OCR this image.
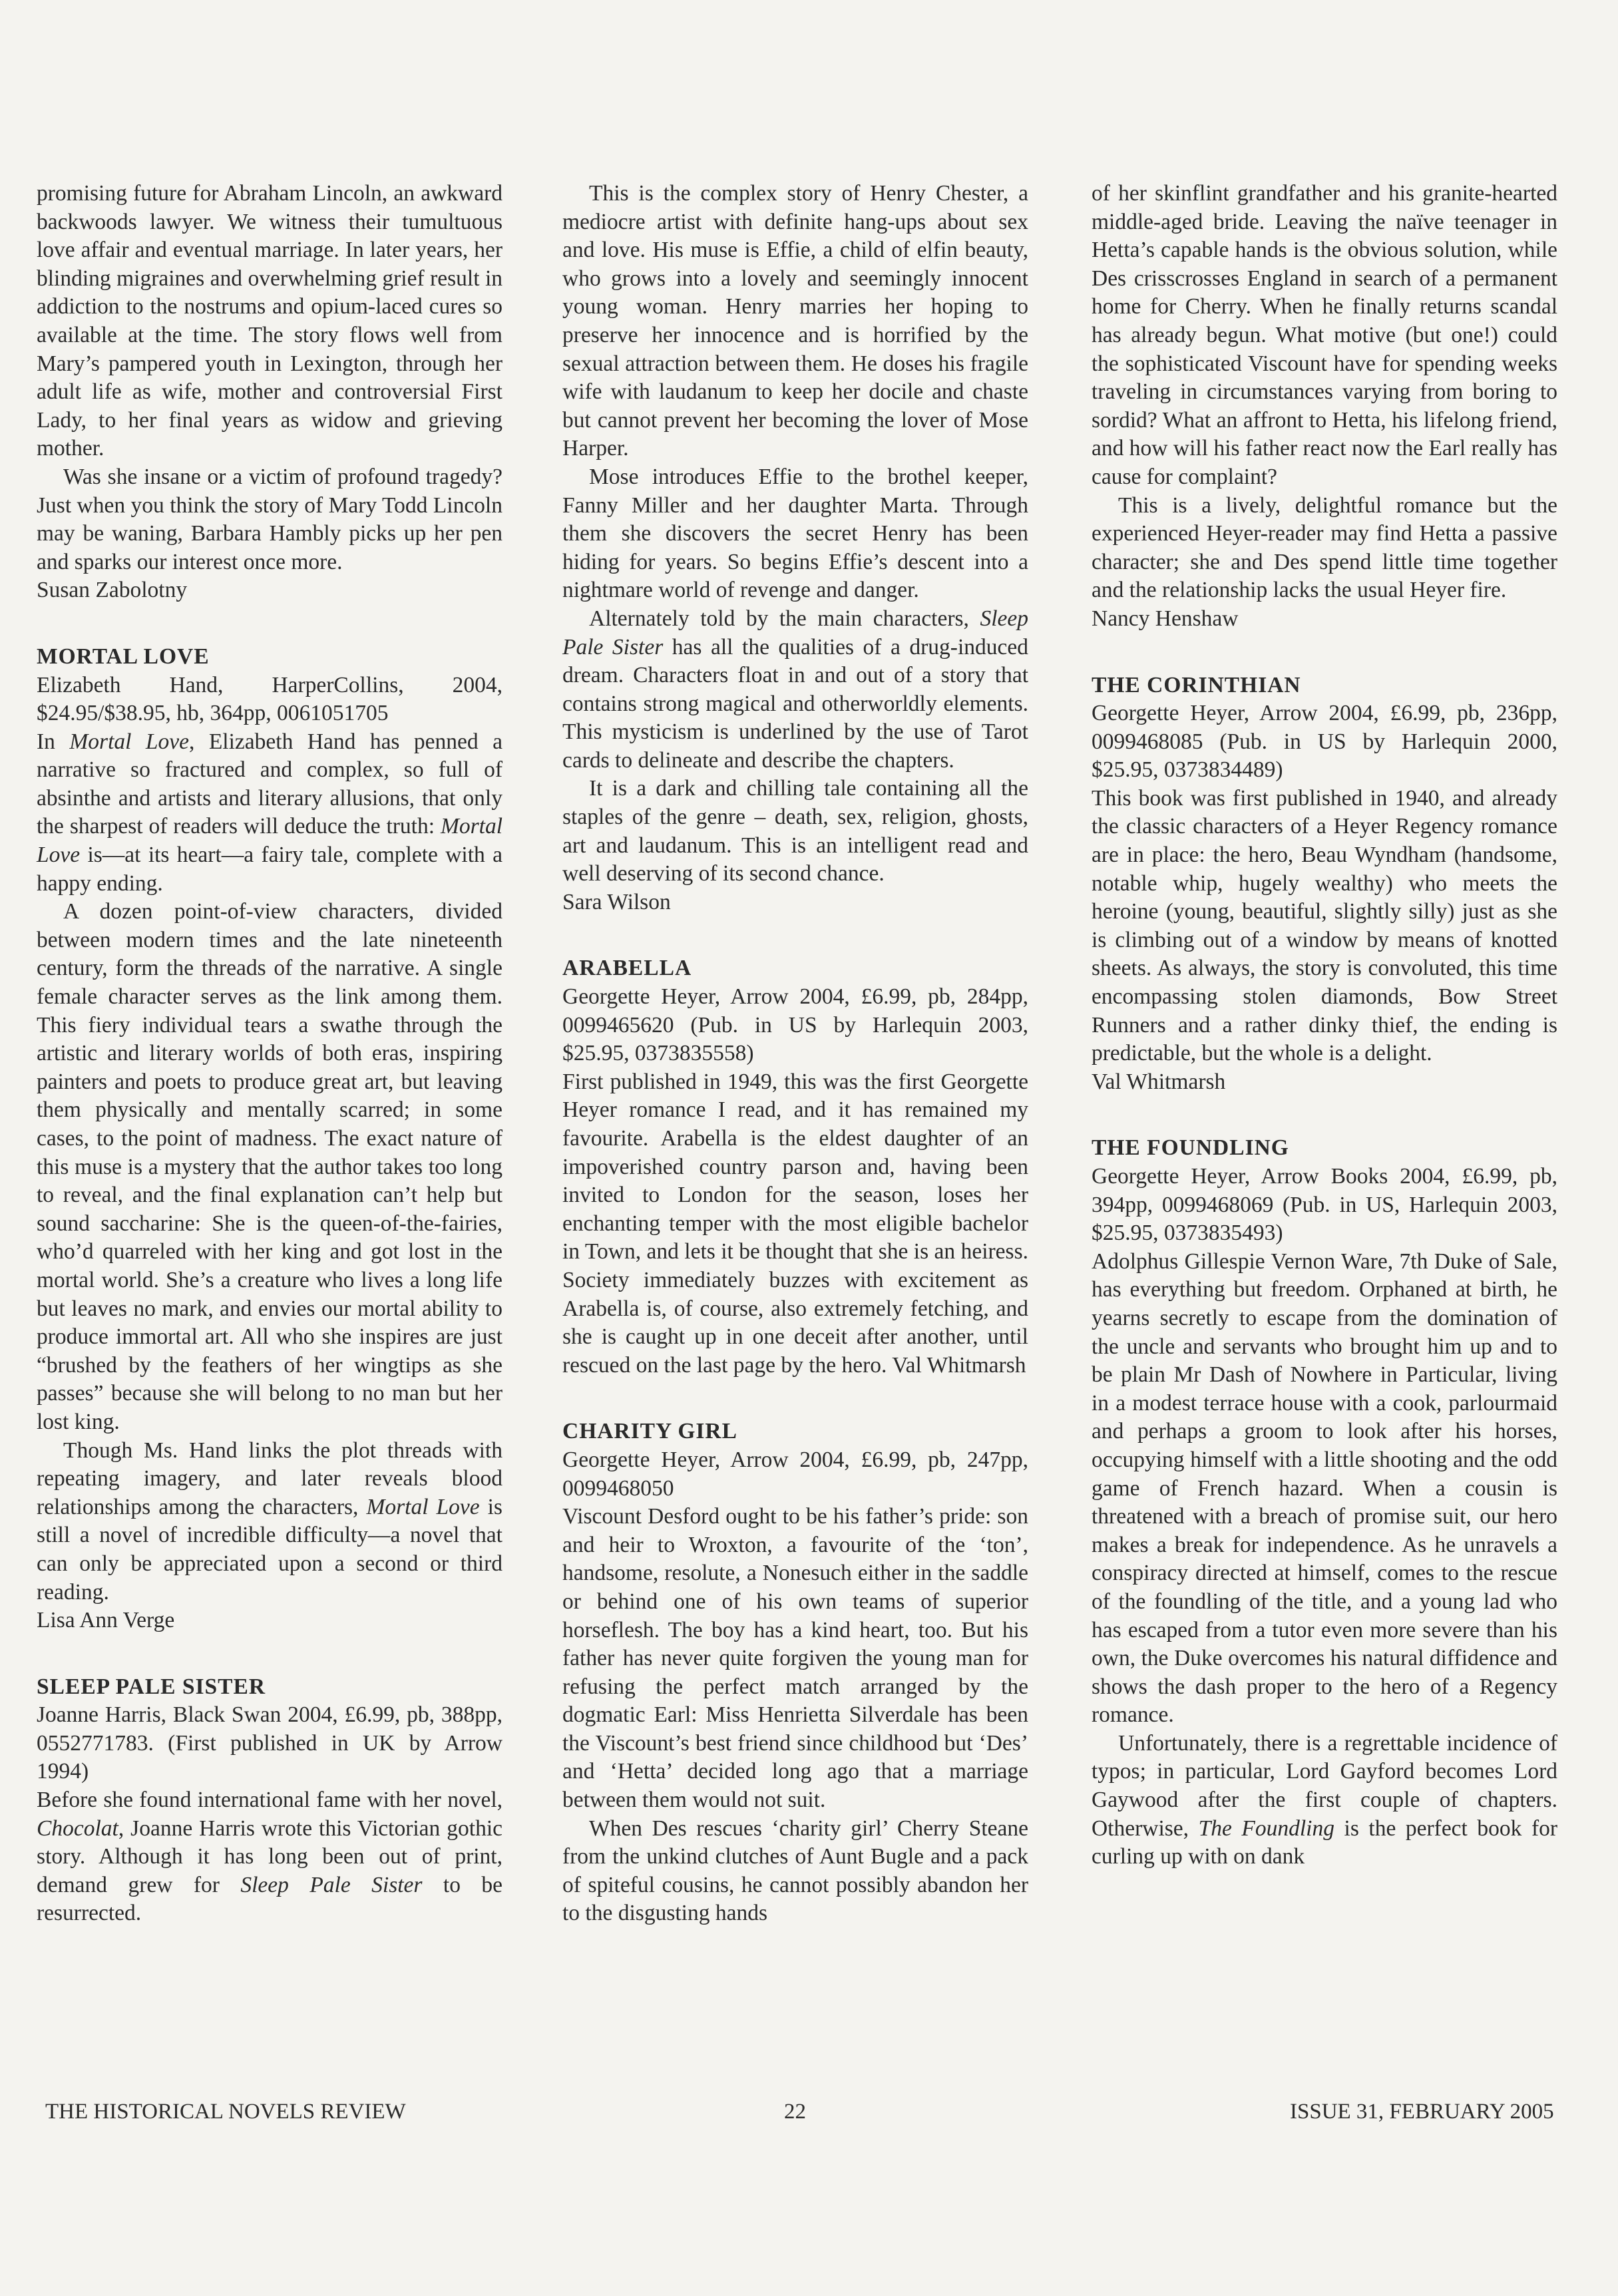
promising future for Abraham Lincoln, an awkward backwoods lawyer. We witness their tumultuous love affair and eventual marriage. In later years, her blinding migraines and overwhelming grief result in addiction to the nostrums and opium-laced cures so available at the time. The story flows well from Mary’s pampered youth in Lexington, through her adult life as wife, mother and controversial First Lady, to her final years as widow and grieving mother.

Was she insane or a victim of profound tragedy? Just when you think the story of Mary Todd Lincoln may be waning, Barbara Hambly picks up her pen and sparks our interest once more.

Susan Zabolotny

MORTAL LOVE

Elizabeth Hand, HarperCollins, 2004, $24.95/$38.95, hb, 364pp, 0061051705

In Mortal Love, Elizabeth Hand has penned a narrative so fractured and complex, so full of absinthe and artists and literary allusions, that only the sharpest of readers will deduce the truth: Mortal Love is—at its heart—a fairy tale, complete with a happy ending.

A dozen point-of-view characters, divided between modern times and the late nineteenth century, form the threads of the narrative. A single female character serves as the link among them. This fiery individual tears a swathe through the artistic and literary worlds of both eras, inspiring painters and poets to produce great art, but leaving them physically and mentally scarred; in some cases, to the point of madness. The exact nature of this muse is a mystery that the author takes too long to reveal, and the final explanation can’t help but sound saccharine: She is the queen-of-the-fairies, who’d quarreled with her king and got lost in the mortal world. She’s a creature who lives a long life but leaves no mark, and envies our mortal ability to produce immortal art. All who she inspires are just “brushed by the feathers of her wingtips as she passes” because she will belong to no man but her lost king.

Though Ms. Hand links the plot threads with repeating imagery, and later reveals blood relationships among the characters, Mortal Love is still a novel of incredible difficulty—a novel that can only be appreciated upon a second or third reading.

Lisa Ann Verge

SLEEP PALE SISTER

Joanne Harris, Black Swan 2004, £6.99, pb, 388pp, 0552771783. (First published in UK by Arrow 1994)

Before she found international fame with her novel, Chocolat, Joanne Harris wrote this Victorian gothic story. Although it has long been out of print, demand grew for Sleep Pale Sister to be resurrected.

This is the complex story of Henry Chester, a mediocre artist with definite hang-ups about sex and love. His muse is Effie, a child of elfin beauty, who grows into a lovely and seemingly innocent young woman. Henry marries her hoping to preserve her innocence and is horrified by the sexual attraction between them. He doses his fragile wife with laudanum to keep her docile and chaste but cannot prevent her becoming the lover of Mose Harper.

Mose introduces Effie to the brothel keeper, Fanny Miller and her daughter Marta. Through them she discovers the secret Henry has been hiding for years. So begins Effie’s descent into a nightmare world of revenge and danger.

Alternately told by the main characters, Sleep Pale Sister has all the qualities of a drug-induced dream. Characters float in and out of a story that contains strong magical and otherworldly elements. This mysticism is underlined by the use of Tarot cards to delineate and describe the chapters.

It is a dark and chilling tale containing all the staples of the genre – death, sex, religion, ghosts, art and laudanum. This is an intelligent read and well deserving of its second chance.

Sara Wilson

ARABELLA

Georgette Heyer, Arrow 2004, £6.99, pb, 284pp, 0099465620 (Pub. in US by Harlequin 2003, $25.95, 0373835558)

First published in 1949, this was the first Georgette Heyer romance I read, and it has remained my favourite. Arabella is the eldest daughter of an impoverished country parson and, having been invited to London for the season, loses her enchanting temper with the most eligible bachelor in Town, and lets it be thought that she is an heiress. Society immediately buzzes with excitement as Arabella is, of course, also extremely fetching, and she is caught up in one deceit after another, until rescued on the last page by the hero. Val Whitmarsh

CHARITY GIRL

Georgette Heyer, Arrow 2004, £6.99, pb, 247pp, 0099468050

Viscount Desford ought to be his father’s pride: son and heir to Wroxton, a favourite of the ‘ton’, handsome, resolute, a Nonesuch either in the saddle or behind one of his own teams of superior horseflesh. The boy has a kind heart, too. But his father has never quite forgiven the young man for refusing the perfect match arranged by the dogmatic Earl: Miss Henrietta Silverdale has been the Viscount’s best friend since childhood but ‘Des’ and ‘Hetta’ decided long ago that a marriage between them would not suit.

When Des rescues ‘charity girl’ Cherry Steane from the unkind clutches of Aunt Bugle and a pack of spiteful cousins, he cannot possibly abandon her to the disgusting hands

of her skinflint grandfather and his granite-hearted middle-aged bride. Leaving the naïve teenager in Hetta’s capable hands is the obvious solution, while Des crisscrosses England in search of a permanent home for Cherry. When he finally returns scandal has already begun. What motive (but one!) could the sophisticated Viscount have for spending weeks traveling in circumstances varying from boring to sordid? What an affront to Hetta, his lifelong friend, and how will his father react now the Earl really has cause for complaint?

This is a lively, delightful romance but the experienced Heyer-reader may find Hetta a passive character; she and Des spend little time together and the relationship lacks the usual Heyer fire.

Nancy Henshaw

THE CORINTHIAN

Georgette Heyer, Arrow 2004, £6.99, pb, 236pp, 0099468085 (Pub. in US by Harlequin 2000, $25.95, 0373834489)

This book was first published in 1940, and already the classic characters of a Heyer Regency romance are in place: the hero, Beau Wyndham (handsome, notable whip, hugely wealthy) who meets the heroine (young, beautiful, slightly silly) just as she is climbing out of a window by means of knotted sheets. As always, the story is convoluted, this time encompassing stolen diamonds, Bow Street Runners and a rather dinky thief, the ending is predictable, but the whole is a delight.

Val Whitmarsh

THE FOUNDLING

Georgette Heyer, Arrow Books 2004, £6.99, pb, 394pp, 0099468069 (Pub. in US, Harlequin 2003, $25.95, 0373835493)

Adolphus Gillespie Vernon Ware, 7th Duke of Sale, has everything but freedom. Orphaned at birth, he yearns secretly to escape from the domination of the uncle and servants who brought him up and to be plain Mr Dash of Nowhere in Particular, living in a modest terrace house with a cook, parlourmaid and perhaps a groom to look after his horses, occupying himself with a little shooting and the odd game of French hazard. When a cousin is threatened with a breach of promise suit, our hero makes a break for independence. As he unravels a conspiracy directed at himself, comes to the rescue of the foundling of the title, and a young lad who has escaped from a tutor even more severe than his own, the Duke overcomes his natural diffidence and shows the dash proper to the hero of a Regency romance.

Unfortunately, there is a regrettable incidence of typos; in particular, Lord Gayford becomes Lord Gaywood after the first couple of chapters. Otherwise, The Foundling is the perfect book for curling up with on dank

THE HISTORICAL NOVELS REVIEW	22	ISSUE 31, FEBRUARY 2005
